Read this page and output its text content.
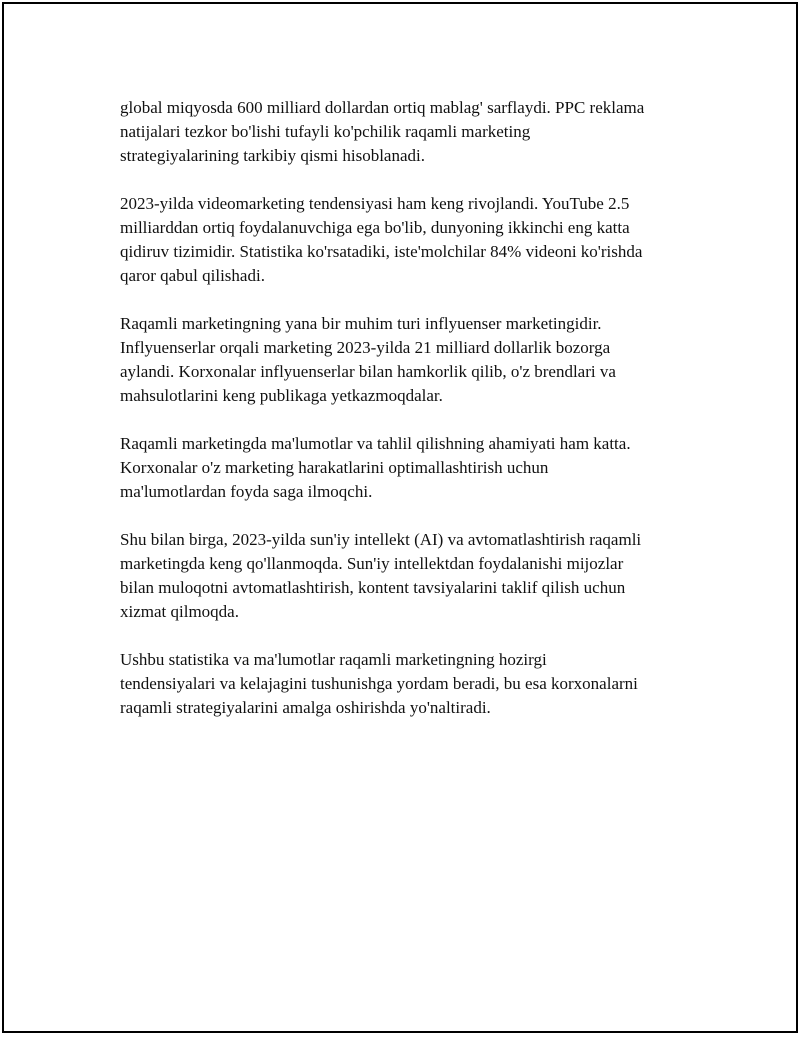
global miqyosda 600 milliard dollardan ortiq mablag' sarflaydi. PPC reklama
natijalari tezkor bo'lishi tufayli ko'pchilik raqamli marketing
strategiyalarining tarkibiy qismi hisoblanadi.

2023-yilda videomarketing tendensiyasi ham keng rivojlandi. YouTube 2.5
milliarddan ortiq foydalanuvchiga ega bo'lib, dunyoning ikkinchi eng katta
qidiruv tizimidir. Statistika ko'rsatadiki, iste'molchilar 84% videoni ko'rishda
qaror qabul qilishadi.

Raqamli marketingning yana bir muhim turi inflyuenser marketingidir.
Inflyuenserlar orqali marketing 2023-yilda 21 milliard dollarlik bozorga
aylandi. Korxonalar inflyuenserlar bilan hamkorlik qilib, o'z brendlari va
mahsulotlarini keng publikaga yetkazmoqdalar.

Raqamli marketingda ma'lumotlar va tahlil qilishning ahamiyati ham katta.
Korxonalar o'z marketing harakatlarini optimallashtirish uchun
ma'lumotlardan foyda saga ilmoqchi.

Shu bilan birga, 2023-yilda sun'iy intellekt (AI) va avtomatlashtirish raqamli
marketingda keng qo'llanmoqda. Sun'iy intellektdan foydalanishi mijozlar
bilan muloqotni avtomatlashtirish, kontent tavsiyalarini taklif qilish uchun
xizmat qilmoqda.

Ushbu statistika va ma'lumotlar raqamli marketingning hozirgi
tendensiyalari va kelajagini tushunishga yordam beradi, bu esa korxonalarni
raqamli strategiyalarini amalga oshirishda yo'naltiradi.
